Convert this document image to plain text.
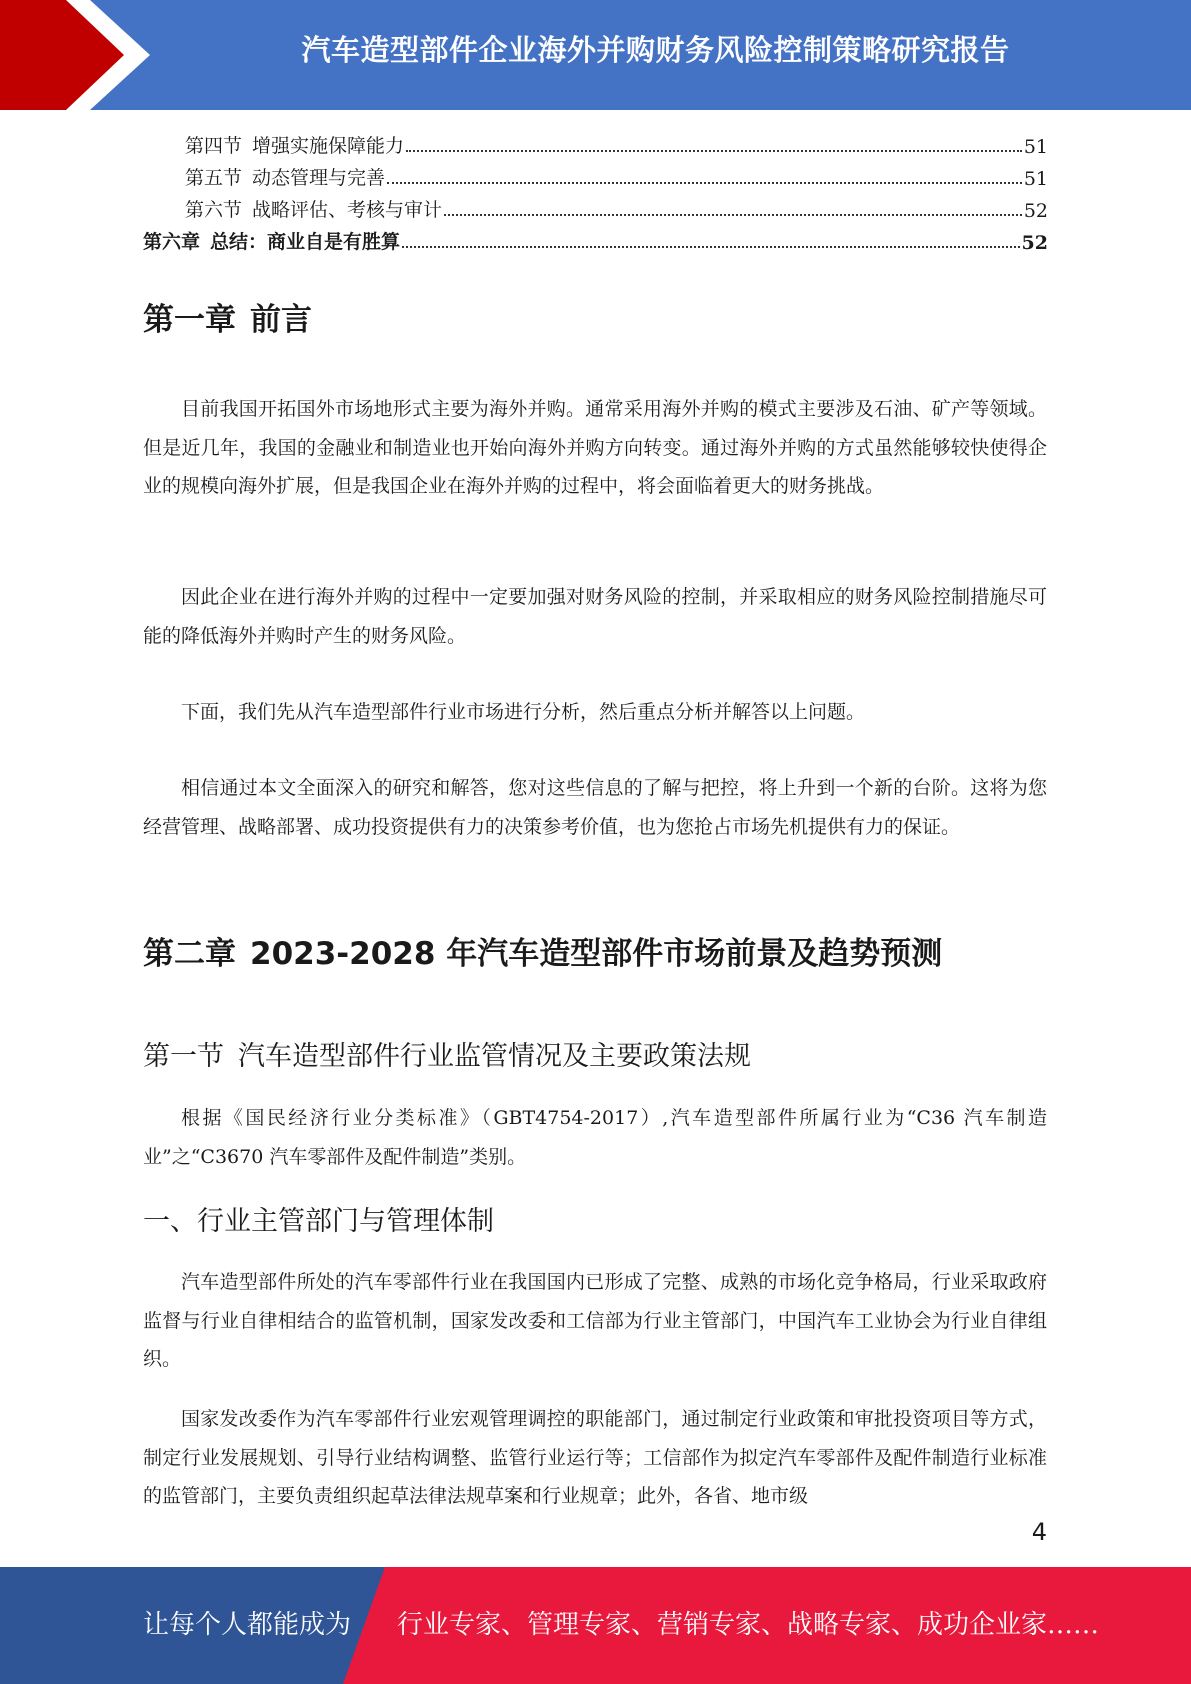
汽车造型部件企业海外并购财务风险控制策略研究报告
第四节 增强实施保障能力	51
第五节 动态管理与完善	51
第六节 战略评估、考核与审计	52
第六章 总结：商业自是有胜算	52
第一章 前言

目前我国开拓国外市场地形式主要为海外并购。通常采用海外并购的模式主要涉及石油、矿产等领域。但是近几年，我国的金融业和制造业也开始向海外并购方向转变。通过海外并购的方式虽然能够较快使得企业的规模向海外扩展，但是我国企业在海外并购的过程中，将会面临着更大的财务挑战。

因此企业在进行海外并购的过程中一定要加强对财务风险的控制，并采取相应的财务风险控制措施尽可能的降低海外并购时产生的财务风险。

下面，我们先从汽车造型部件行业市场进行分析，然后重点分析并解答以上问题。

相信通过本文全面深入的研究和解答，您对这些信息的了解与把控，将上升到一个新的台阶。这将为您经营管理、战略部署、成功投资提供有力的决策参考价值，也为您抢占市场先机提供有力的保证。

第二章 2023-2028 年汽车造型部件市场前景及趋势预测
第一节 汽车造型部件行业监管情况及主要政策法规

根据《国民经济行业分类标准》（GBT4754-2017）,汽车造型部件所属行业为“C36 汽车制造业”之“C3670 汽车零部件及配件制造”类别。

一、行业主管部门与管理体制

汽车造型部件所处的汽车零部件行业在我国国内已形成了完整、成熟的市场化竞争格局，行业采取政府监督与行业自律相结合的监管机制，国家发改委和工信部为行业主管部门，中国汽车工业协会为行业自律组织。

国家发改委作为汽车零部件行业宏观管理调控的职能部门，通过制定行业政策和审批投资项目等方式，制定行业发展规划、引导行业结构调整、监管行业运行等；工信部作为拟定汽车零部件及配件制造行业标准的监管部门，主要负责组织起草法律法规草案和行业规章；此外，各省、地市级

4
让每个人都能成为 行业专家、管理专家、营销专家、战略专家、成功企业家……
